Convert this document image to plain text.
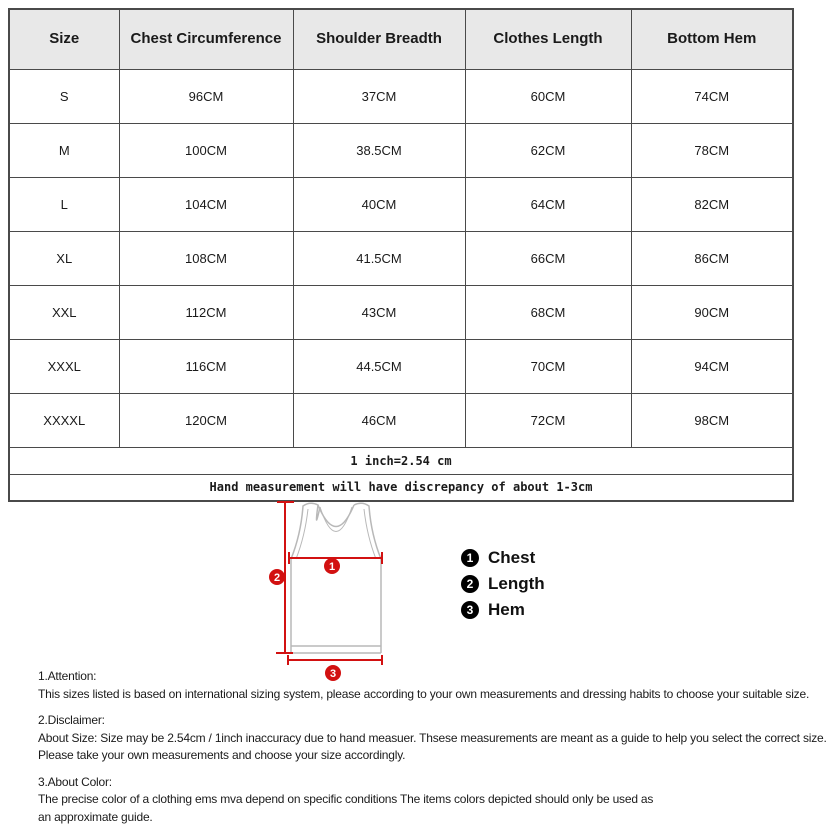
Size	Chest Circumference	Shoulder Breadth	Clothes Length	Bottom Hem
S	96CM	37CM	60CM	74CM
M	100CM	38.5CM	62CM	78CM
L	104CM	40CM	64CM	82CM
XL	108CM	41.5CM	66CM	86CM
XXL	112CM	43CM	68CM	90CM
XXXL	116CM	44.5CM	70CM	94CM
XXXXL	120CM	46CM	72CM	98CM
1 inch=2.54 cm				
Hand measurement will have discrepancy of about 1-3cm				
1
2
3
1 Chest
2 Length
3 Hem
1.Attention:
This sizes listed is based on international sizing system, please according to your own measurements and dressing habits to choose your suitable size.
2.Disclaimer:
About Size: Size may be 2.54cm / 1inch inaccuracy due to hand measuer. Thsese measurements are meant as a guide to help you select the correct size.
Please take your own measurements and choose your size accordingly.
3.About Color:
The precise color of a clothing ems mva depend on specific conditions The items colors depicted should only be used as
an approximate guide.
